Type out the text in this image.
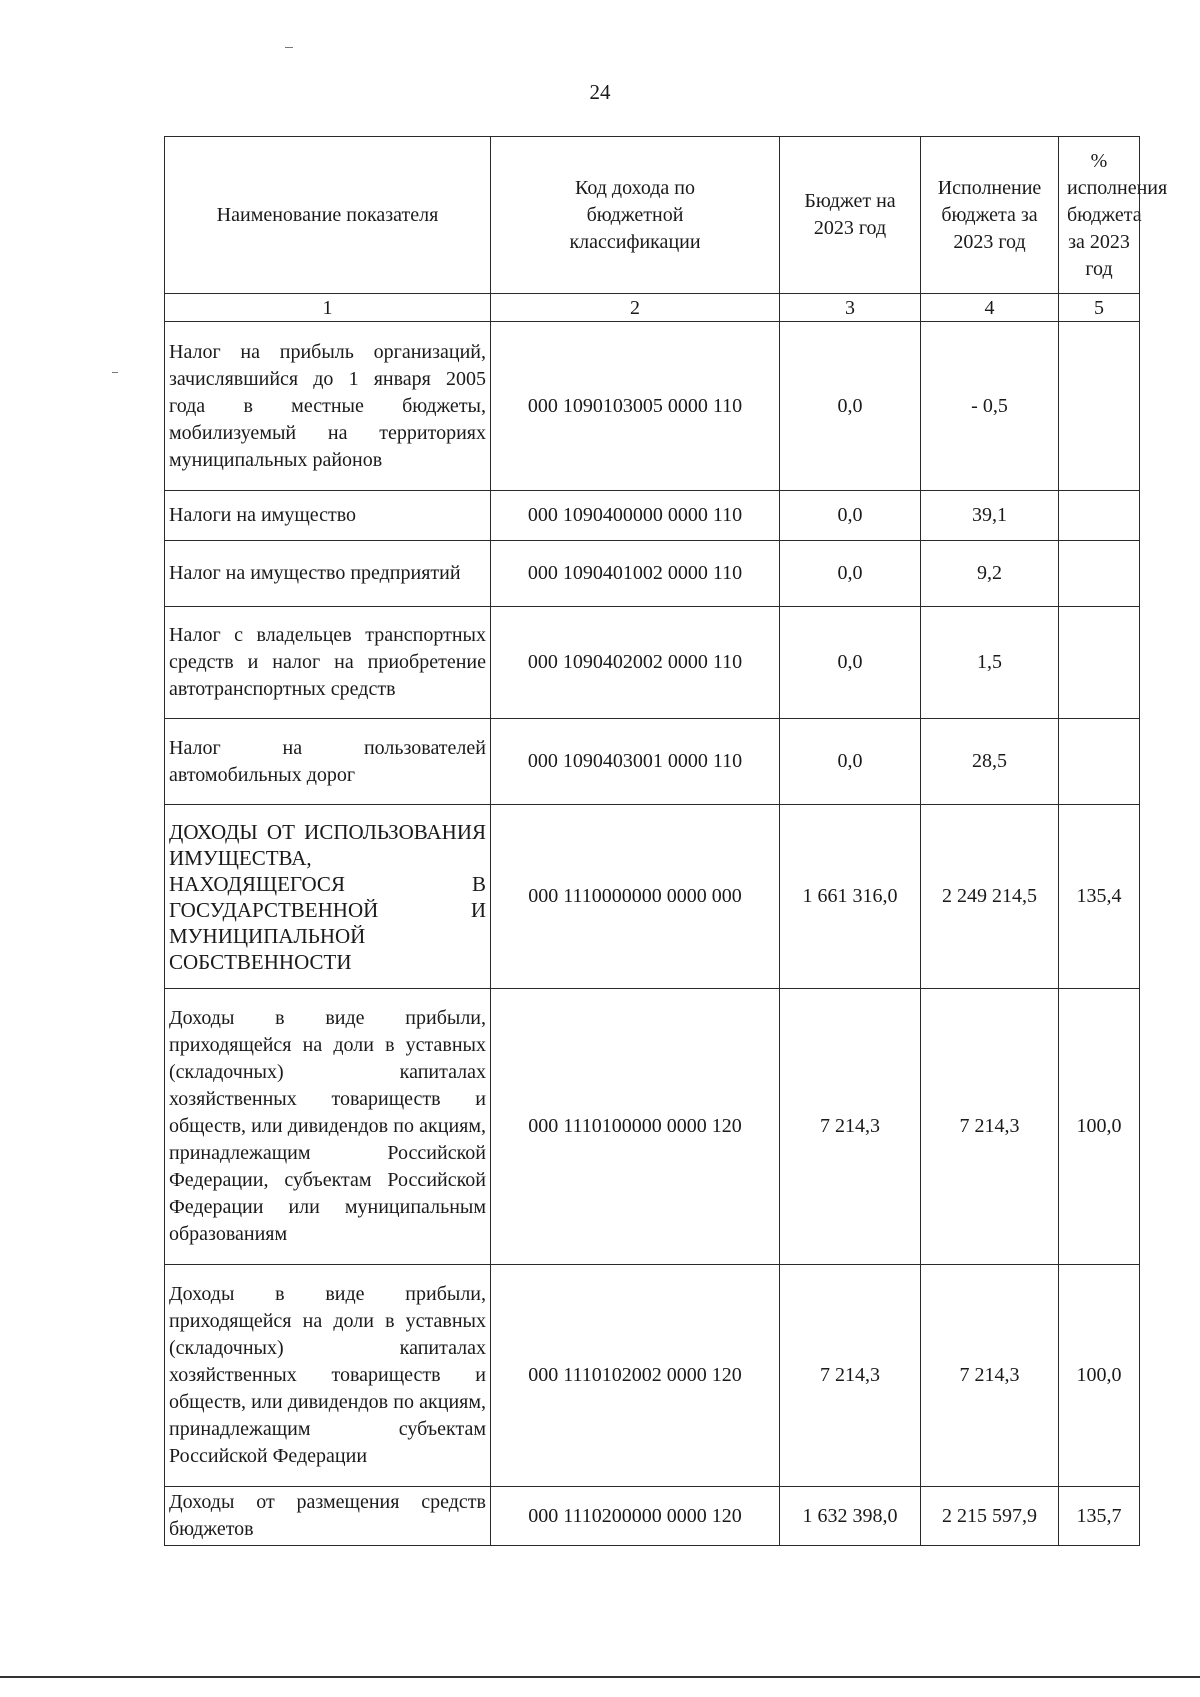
24
Наименование показателя	Код дохода по бюджетной классификации	Бюджет на 2023 год	Исполнение бюджета за 2023 год	% исполнения бюджета за 2023 год
1	2	3	4	5
Налог на прибыль организаций, зачислявшийся до 1 января 2005 года в местные бюджеты, мобилизуемый на территориях муниципальных районов	000 1090103005 0000 110	0,0	- 0,5	
Налоги на имущество	000 1090400000 0000 110	0,0	39,1	
Налог на имущество предприятий	000 1090401002 0000 110	0,0	9,2	
Налог с владельцев транспортных средств и налог на приобретение автотранспортных средств	000 1090402002 0000 110	0,0	1,5	
Налог на пользователей автомобильных дорог	000 1090403001 0000 110	0,0	28,5	
ДОХОДЫ ОТ ИСПОЛЬЗОВАНИЯ ИМУЩЕСТВА, НАХОДЯЩЕГОСЯ В ГОСУДАРСТВЕННОЙ И МУНИЦИПАЛЬНОЙ СОБСТВЕННОСТИ	000 1110000000 0000 000	1 661 316,0	2 249 214,5	135,4
Доходы в виде прибыли, приходящейся на доли в уставных (складочных) капиталах хозяйственных товариществ и обществ, или дивидендов по акциям, принадлежащим Российской Федерации, субъектам Российской Федерации или муниципальным образованиям	000 1110100000 0000 120	7 214,3	7 214,3	100,0
Доходы в виде прибыли, приходящейся на доли в уставных (складочных) капиталах хозяйственных товариществ и обществ, или дивидендов по акциям, принадлежащим субъектам Российской Федерации	000 1110102002 0000 120	7 214,3	7 214,3	100,0
Доходы от размещения средств бюджетов	000 1110200000 0000 120	1 632 398,0	2 215 597,9	135,7
